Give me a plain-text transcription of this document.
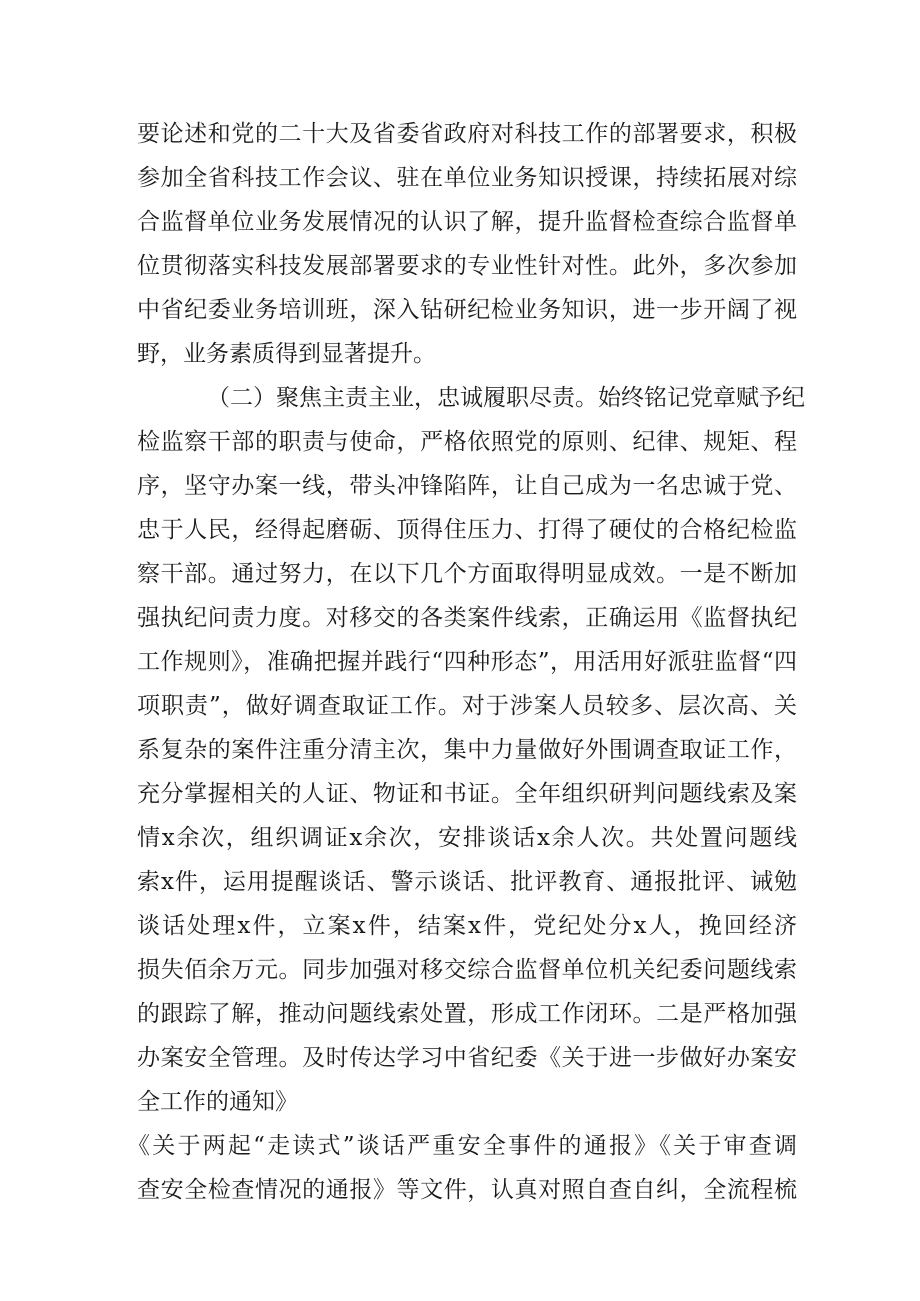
要论述和党的二十大及省委省政府对科技工作的部署要求，积极
参加全省科技工作会议、驻在单位业务知识授课，持续拓展对综
合监督单位业务发展情况的认识了解，提升监督检查综合监督单
位贯彻落实科技发展部署要求的专业性针对性。此外，多次参加
中省纪委业务培训班，深入钻研纪检业务知识，进一步开阔了视
野，业务素质得到显著提升。
（二）聚焦主责主业，忠诚履职尽责。始终铭记党章赋予纪
检监察干部的职责与使命，严格依照党的原则、纪律、规矩、程
序，坚守办案一线，带头冲锋陷阵，让自己成为一名忠诚于党、
忠于人民，经得起磨砺、顶得住压力、打得了硬仗的合格纪检监
察干部。通过努力，在以下几个方面取得明显成效。一是不断加
强执纪问责力度。对移交的各类案件线索，正确运用《监督执纪
工作规则》，准确把握并践行“四种形态”，用活用好派驻监督“四
项职责”，做好调查取证工作。对于涉案人员较多、层次高、关
系复杂的案件注重分清主次，集中力量做好外围调查取证工作，
充分掌握相关的人证、物证和书证。全年组织研判问题线索及案
情x余次，组织调证x余次，安排谈话x余人次。共处置问题线
索x件，运用提醒谈话、警示谈话、批评教育、通报批评、诫勉
谈话处理x件，立案x件，结案x件，党纪处分x人，挽回经济
损失佰余万元。同步加强对移交综合监督单位机关纪委问题线索
的跟踪了解，推动问题线索处置，形成工作闭环。二是严格加强
办案安全管理。及时传达学习中省纪委《关于进一步做好办案安
全工作的通知》
《关于两起“走读式”谈话严重安全事件的通报》《关于审查调
查安全检查情况的通报》等文件，认真对照自查自纠，全流程梳
